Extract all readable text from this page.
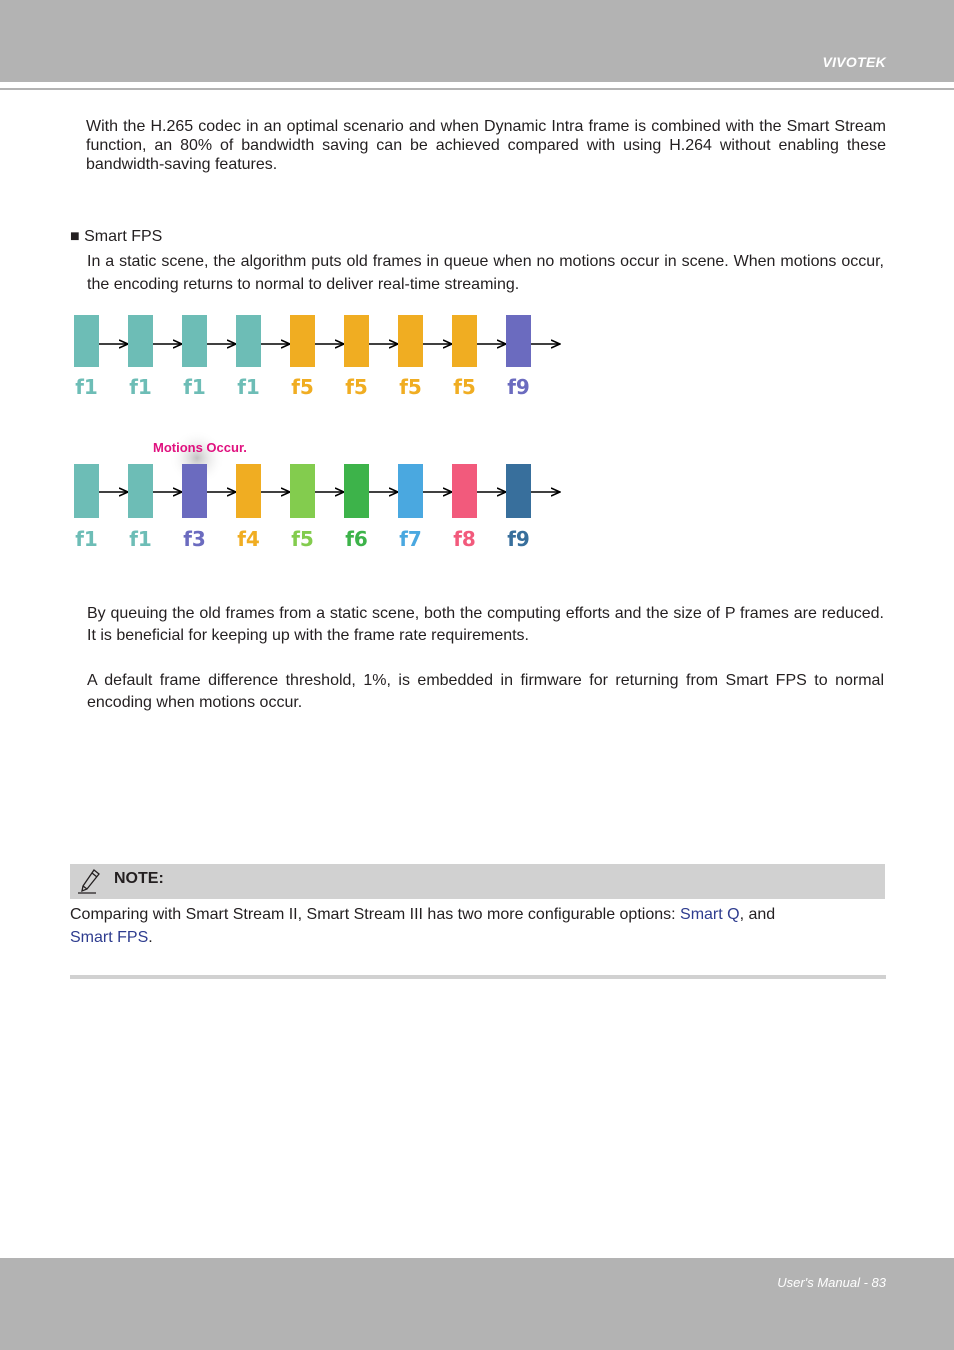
VIVOTEK

With the H.265 codec in an optimal scenario and when Dynamic Intra frame is combined with the Smart Stream function, an 80% of bandwidth saving can be achieved compared with using H.264 without enabling these bandwidth-saving features.

■ Smart FPS

In a static scene, the algorithm puts old frames in queue when no motions occur in scene. When motions occur, the encoding returns to normal to deliver real-time streaming.

f1 f1 f1 f1 f5 f5 f5 f5 f9
Motions Occur.
f1 f1 f3 f4 f5 f6 f7 f8 f9

By queuing the old frames from a static scene, both the computing efforts and the size of P frames are reduced. It is beneficial for keeping up with the frame rate requirements.

A default frame difference threshold, 1%, is embedded in firmware for returning from Smart FPS to normal encoding when motions occur.

NOTE:

Comparing with Smart Stream II, Smart Stream III has two more configurable options: Smart Q, and
Smart FPS.

User's Manual - 83
